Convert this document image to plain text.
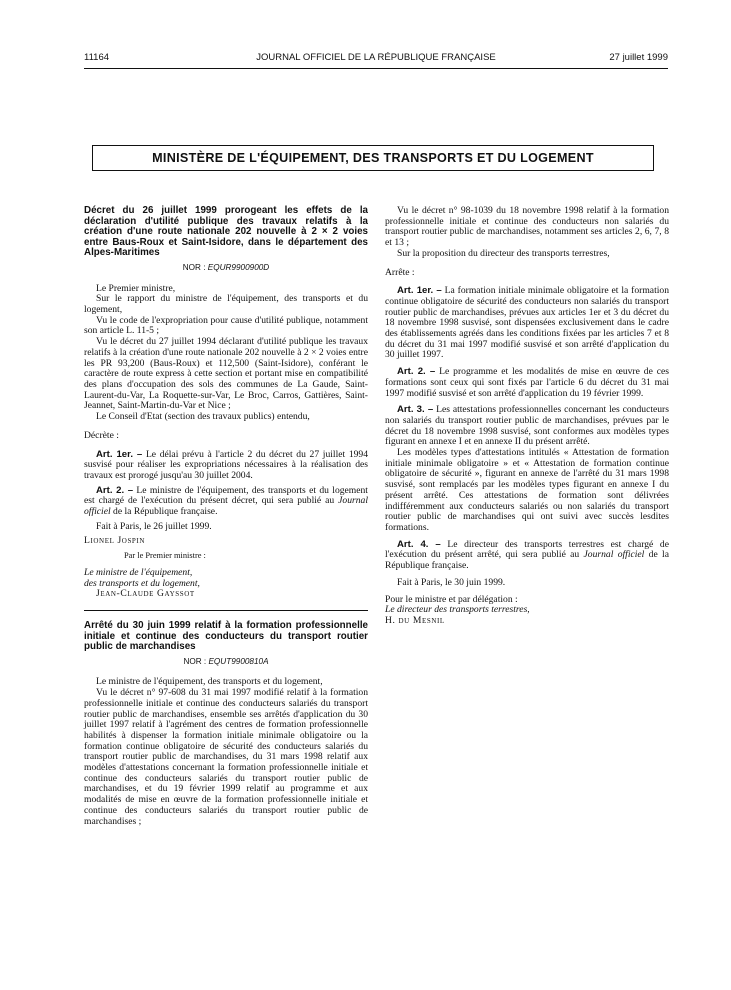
11164	JOURNAL OFFICIEL DE LA RÉPUBLIQUE FRANÇAISE	27 juillet 1999
MINISTÈRE DE L'ÉQUIPEMENT, DES TRANSPORTS ET DU LOGEMENT

Décret du 26 juillet 1999 prorogeant les effets de la déclaration d'utilité publique des travaux relatifs à la création d'une route nationale 202 nouvelle à 2 × 2 voies entre Baus-Roux et Saint-Isidore, dans le département des Alpes-Maritimes

NOR : EQUR9900900D

Le Premier ministre,

Sur le rapport du ministre de l'équipement, des transports et du logement,

Vu le code de l'expropriation pour cause d'utilité publique, notamment son article L. 11-5 ;

Vu le décret du 27 juillet 1994 déclarant d'utilité publique les travaux relatifs à la création d'une route nationale 202 nouvelle à 2 × 2 voies entre les PR 93,200 (Baus-Roux) et 112,500 (Saint-Isidore), conférant le caractère de route express à cette section et portant mise en compatibilité des plans d'occupation des sols des communes de La Gaude, Saint-Laurent-du-Var, La Roquette-sur-Var, Le Broc, Carros, Gattières, Saint-Jeannet, Saint-Martin-du-Var et Nice ;

Le Conseil d'Etat (section des travaux publics) entendu,

Décrète :

Art. 1er. – Le délai prévu à l'article 2 du décret du 27 juillet 1994 susvisé pour réaliser les expropriations nécessaires à la réalisation des travaux est prorogé jusqu'au 30 juillet 2004.

Art. 2. – Le ministre de l'équipement, des transports et du logement est chargé de l'exécution du présent décret, qui sera publié au Journal officiel de la République française.

Fait à Paris, le 26 juillet 1999.

Lionel Jospin

Par le Premier ministre :

Le ministre de l'équipement,

des transports et du logement,

Jean-Claude Gayssot

Arrêté du 30 juin 1999 relatif à la formation professionnelle initiale et continue des conducteurs du transport routier public de marchandises

NOR : EQUT9900810A

Le ministre de l'équipement, des transports et du logement,

Vu le décret n° 97-608 du 31 mai 1997 modifié relatif à la formation professionnelle initiale et continue des conducteurs salariés du transport routier public de marchandises, ensemble ses arrêtés d'application du 30 juillet 1997 relatif à l'agrément des centres de formation professionnelle habilités à dispenser la formation initiale minimale obligatoire ou la formation continue obligatoire de sécurité des conducteurs salariés du transport routier public de marchandises, du 31 mars 1998 relatif aux modèles d'attestations concernant la formation professionnelle initiale et continue des conducteurs salariés du transport routier public de marchandises, et du 19 février 1999 relatif au programme et aux modalités de mise en œuvre de la formation professionnelle initiale et continue des conducteurs salariés du transport routier public de marchandises ;

Vu le décret n° 98-1039 du 18 novembre 1998 relatif à la formation professionnelle initiale et continue des conducteurs non salariés du transport routier public de marchandises, notamment ses articles 2, 6, 7, 8 et 13 ;

Sur la proposition du directeur des transports terrestres,

Arrête :

Art. 1er. – La formation initiale minimale obligatoire et la formation continue obligatoire de sécurité des conducteurs non salariés du transport routier public de marchandises, prévues aux articles 1er et 3 du décret du 18 novembre 1998 susvisé, sont dispensées exclusivement dans le cadre des établissements agréés dans les conditions fixées par les articles 7 et 8 du décret du 31 mai 1997 modifié susvisé et son arrêté d'application du 30 juillet 1997.

Art. 2. – Le programme et les modalités de mise en œuvre de ces formations sont ceux qui sont fixés par l'article 6 du décret du 31 mai 1997 modifié susvisé et son arrêté d'application du 19 février 1999.

Art. 3. – Les attestations professionnelles concernant les conducteurs non salariés du transport routier public de marchandises, prévues par le décret du 18 novembre 1998 susvisé, sont conformes aux modèles types figurant en annexe I et en annexe II du présent arrêté.

Les modèles types d'attestations intitulés « Attestation de formation initiale minimale obligatoire » et « Attestation de formation continue obligatoire de sécurité », figurant en annexe de l'arrêté du 31 mars 1998 susvisé, sont remplacés par les modèles types figurant en annexe I du présent arrêté. Ces attestations de formation sont délivrées indifféremment aux conducteurs salariés ou non salariés du transport routier public de marchandises qui ont suivi avec succès lesdites formations.

Art. 4. – Le directeur des transports terrestres est chargé de l'exécution du présent arrêté, qui sera publié au Journal officiel de la République française.

Fait à Paris, le 30 juin 1999.

Pour le ministre et par délégation :

Le directeur des transports terrestres,

H. du Mesnil
